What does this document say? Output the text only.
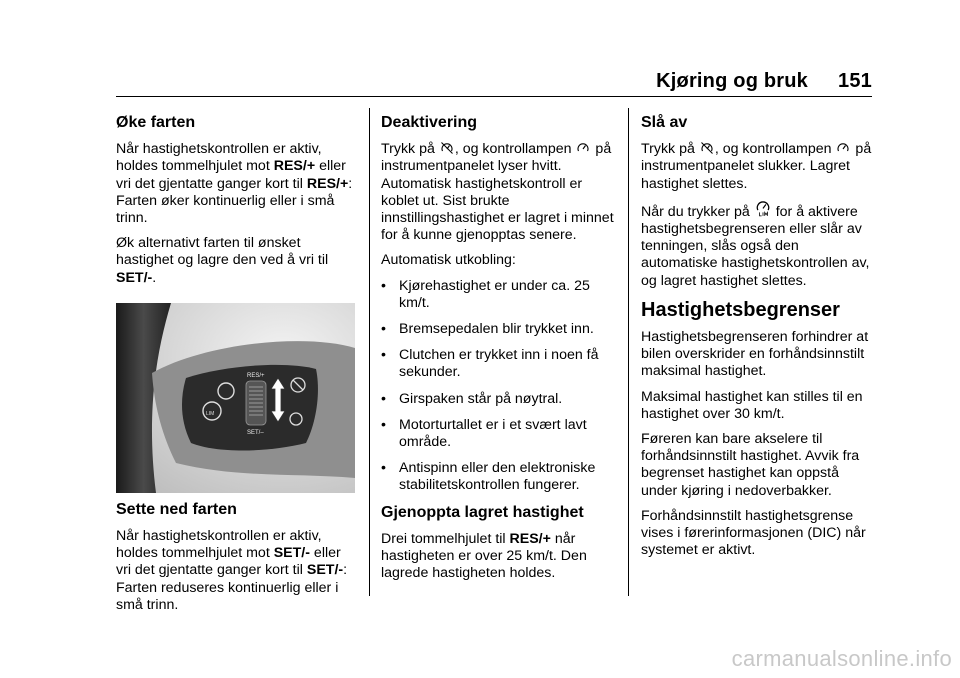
Kjøring og bruk 151
Øke farten

Når hastighetskontrollen er aktiv, holdes tommelhjulet mot RES/+ eller vri det gjentatte ganger kort til RES/+: Farten øker kontinuerlig eller i små trinn.

Øk alternativt farten til ønsket hastighet og lagre den ved å vri til SET/-.

LIM
RES/+
SET/–
Sette ned farten

Når hastighetskontrollen er aktiv, holdes tommelhjulet mot SET/- eller vri det gjentatte ganger kort til SET/-: Farten reduseres kontinuerlig eller i små trinn.

Deaktivering

Trykk på , og kontrollampen  på instrumentpanelet lyser hvitt. Automatisk hastighetskontroll er koblet ut. Sist brukte innstillingshastighet er lagret i minnet for å kunne gjenopptas senere.

Automatisk utkobling:

• Kjørehastighet er under ca. 25 km/t.
• Bremsepedalen blir trykket inn.
• Clutchen er trykket inn i noen få sekunder.
• Girspaken står på nøytral.
• Motorturtallet er i et svært lavt område.
• Antispinn eller den elektroniske stabilitetskontrollen fungerer.
Gjenoppta lagret hastighet

Drei tommelhjulet til RES/+ når hastigheten er over 25 km/t. Den lagrede hastigheten holdes.

Slå av

Trykk på , og kontrollampen  på instrumentpanelet slukker. Lagret hastighet slettes.

Når du trykker på  for å aktivere hastighetsbegrenseren eller slår av tenningen, slås også den automatiske hastighetskontrollen av, og lagret hastighet slettes.

Hastighetsbegrenser

Hastighetsbegrenseren forhindrer at bilen overskrider en forhåndsinnstilt maksimal hastighet.

Maksimal hastighet kan stilles til en hastighet over 30 km/t.

Føreren kan bare akselere til forhåndsinnstilt hastighet. Avvik fra begrenset hastighet kan oppstå under kjøring i nedoverbakker.

Forhåndsinnstilt hastighetsgrense vises i førerinformasjonen (DIC) når systemet er aktivt.

carmanualsonline.info
